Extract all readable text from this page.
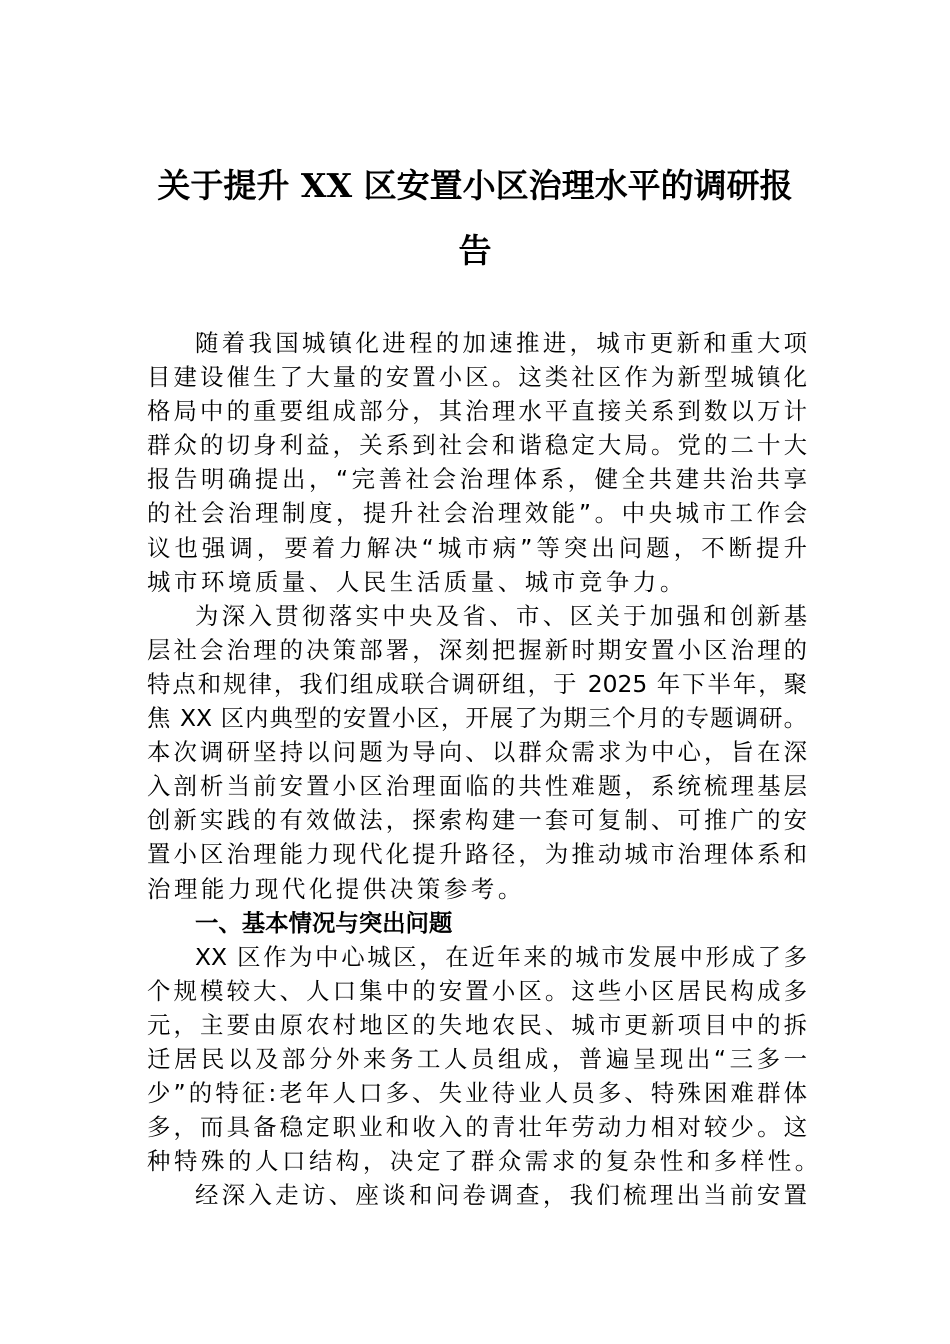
关于提升 XX 区安置小区治理水平的调研报
告
随着我国城镇化进程的加速推进，城市更新和重大项
目建设催生了大量的安置小区。这类社区作为新型城镇化
格局中的重要组成部分，其治理水平直接关系到数以万计
群众的切身利益，关系到社会和谐稳定大局。党的二十大
报告明确提出，“完善社会治理体系，健全共建共治共享
的社会治理制度，提升社会治理效能”。中央城市工作会
议也强调，要着力解决“城市病”等突出问题，不断提升
城市环境质量、人民生活质量、城市竞争力。
为深入贯彻落实中央及省、市、区关于加强和创新基
层社会治理的决策部署，深刻把握新时期安置小区治理的
特点和规律，我们组成联合调研组，于 2025 年下半年，聚
焦 XX 区内典型的安置小区，开展了为期三个月的专题调研。
本次调研坚持以问题为导向、以群众需求为中心，旨在深
入剖析当前安置小区治理面临的共性难题，系统梳理基层
创新实践的有效做法，探索构建一套可复制、可推广的安
置小区治理能力现代化提升路径，为推动城市治理体系和
治理能力现代化提供决策参考。
一、基本情况与突出问题
XX 区作为中心城区，在近年来的城市发展中形成了多
个规模较大、人口集中的安置小区。这些小区居民构成多
元，主要由原农村地区的失地农民、城市更新项目中的拆
迁居民以及部分外来务工人员组成，普遍呈现出“三多一
少”的特征:老年人口多、失业待业人员多、特殊困难群体
多，而具备稳定职业和收入的青壮年劳动力相对较少。这
种特殊的人口结构，决定了群众需求的复杂性和多样性。
经深入走访、座谈和问卷调查，我们梳理出当前安置
